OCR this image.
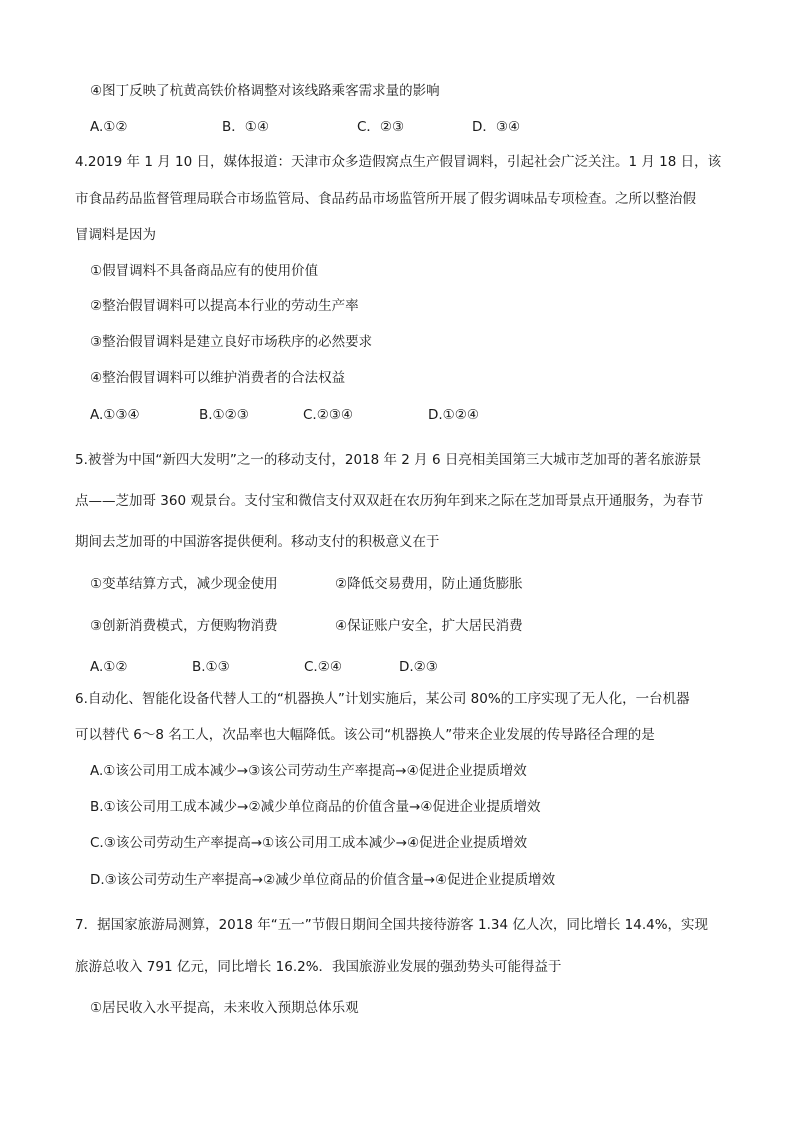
④图丁反映了杭黄高铁价格调整对该线路乘客需求量的影响
A.①②	B．①④	C．②③	D．③④
4.2019 年 1 月 10 日，媒体报道：天津市众多造假窝点生产假冒调料，引起社会广泛关注。1 月 18 日，该
市食品药品监督管理局联合市场监管局、食品药品市场监管所开展了假劣调味品专项检查。之所以整治假
冒调料是因为
①假冒调料不具备商品应有的使用价值
②整治假冒调料可以提高本行业的劳动生产率
③整治假冒调料是建立良好市场秩序的必然要求
④整治假冒调料可以维护消费者的合法权益
A.①③④	B.①②③	C.②③④	D.①②④
5.被誉为中国“新四大发明”之一的移动支付，2018 年 2 月 6 日亮相美国第三大城市芝加哥的著名旅游景
点——芝加哥 360 观景台。支付宝和微信支付双双赶在农历狗年到来之际在芝加哥景点开通服务，为春节
期间去芝加哥的中国游客提供便利。移动支付的积极意义在于
①变革结算方式，减少现金使用	②降低交易费用，防止通货膨胀
③创新消费模式，方便购物消费	④保证账户安全，扩大居民消费
A.①②	B.①③	C.②④	D.②③
6.自动化、智能化设备代替人工的“机器换人”计划实施后，某公司 80%的工序实现了无人化，一台机器
可以替代 6～8 名工人，次品率也大幅降低。该公司“机器换人”带来企业发展的传导路径合理的是
A.①该公司用工成本减少→③该公司劳动生产率提高→④促进企业提质增效
B.①该公司用工成本减少→②减少单位商品的价值含量→④促进企业提质增效
C.③该公司劳动生产率提高→①该公司用工成本减少→④促进企业提质增效
D.③该公司劳动生产率提高→②减少单位商品的价值含量→④促进企业提质增效
7．据国家旅游局测算，2018 年“五一”节假日期间全国共接待游客 1.34 亿人次，同比增长 14.4%，实现
旅游总收入 791 亿元，同比增长 16.2%．我国旅游业发展的强劲势头可能得益于
①居民收入水平提高，未来收入预期总体乐观
